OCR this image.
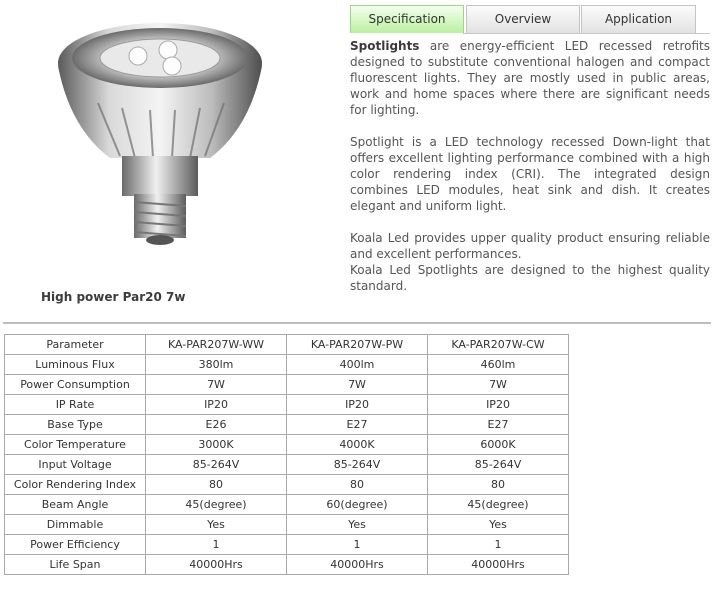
High power Par20 7w
Specification	Overview	Application

Spotlights are energy-efficient LED recessed retrofits designed to substitute conventional halogen and compact fluorescent lights. They are mostly used in public areas, work and home spaces where there are significant needs for lighting.

Spotlight is a LED technology recessed Down-light that offers excellent lighting performance combined with a high color rendering index (CRI). The integrated design combines LED modules, heat sink and dish. It creates elegant and uniform light.

Koala Led provides upper quality product ensuring reliable and excellent performances.

Koala Led Spotlights are designed to the highest quality standard.

Parameter	KA-PAR207W-WW	KA-PAR207W-PW	KA-PAR207W-CW
Luminous Flux	380lm	400lm	460lm
Power Consumption	7W	7W	7W
IP Rate	IP20	IP20	IP20
Base Type	E26	E27	E27
Color Temperature	3000K	4000K	6000K
Input Voltage	85-264V	85-264V	85-264V
Color Rendering Index	80	80	80
Beam Angle	45(degree)	60(degree)	45(degree)
Dimmable	Yes	Yes	Yes
Power Efficiency	1	1	1
Life Span	40000Hrs	40000Hrs	40000Hrs
